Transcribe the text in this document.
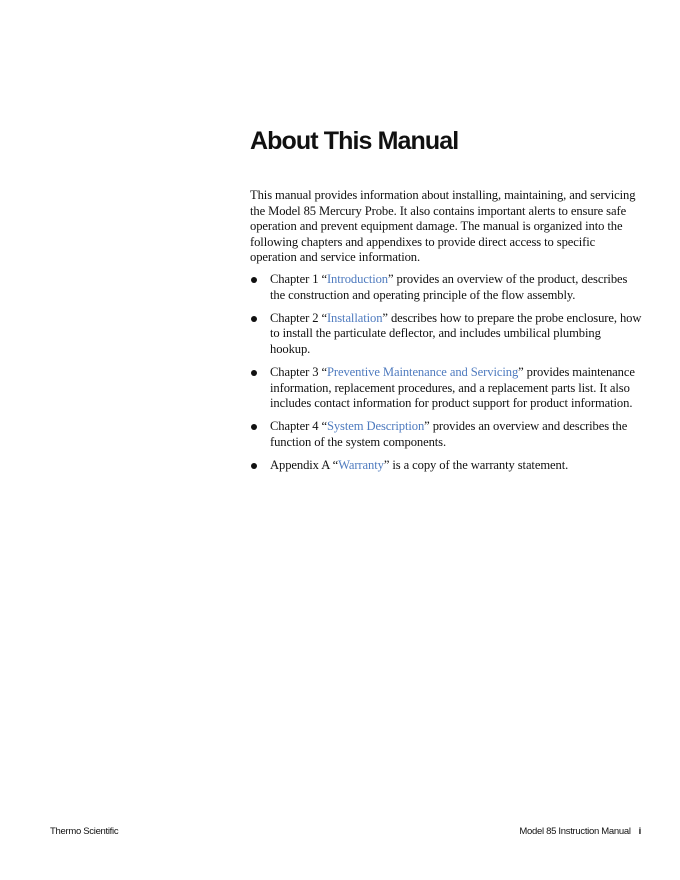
About This Manual

This manual provides information about installing, maintaining, and servicing the Model 85 Mercury Probe. It also contains important alerts to ensure safe operation and prevent equipment damage. The manual is organized into the following chapters and appendixes to provide direct access to specific operation and service information.

Chapter 1 “Introduction” provides an overview of the product, describes the construction and operating principle of the flow assembly.
Chapter 2 “Installation” describes how to prepare the probe enclosure, how to install the particulate deflector, and includes umbilical plumbing hookup.
Chapter 3 “Preventive Maintenance and Servicing” provides maintenance information, replacement procedures, and a replacement parts list. It also includes contact information for product support for product information.
Chapter 4 “System Description” provides an overview and describes the function of the system components.
Appendix A “Warranty” is a copy of the warranty statement.
Thermo Scientific	Model 85 Instruction Manual i
